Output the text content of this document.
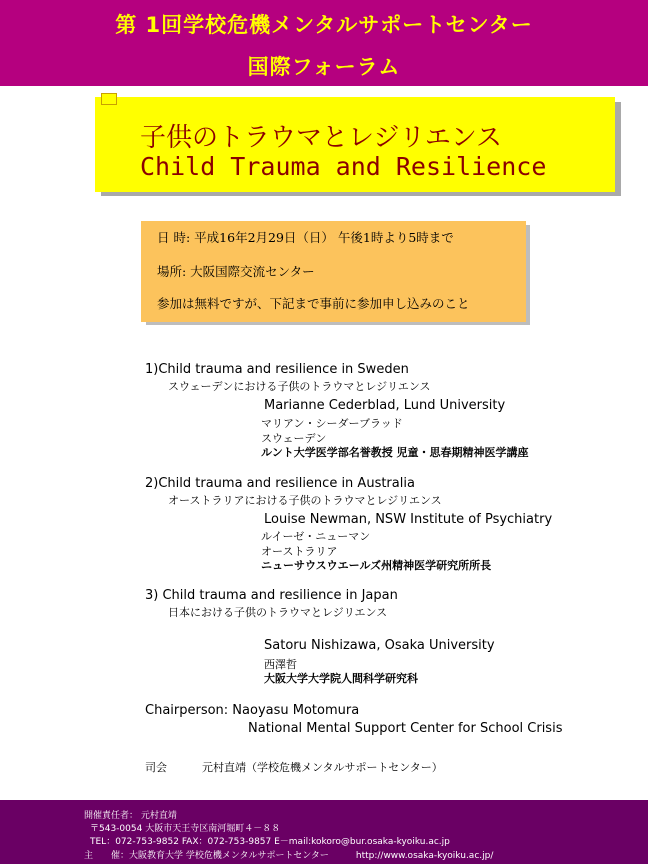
第 1回学校危機メンタルサポートセンター
国際フォーラム
子供のトラウマとレジリエンス
Child Trauma and Resilience
日 時: 平成16年2月29日（日） 午後1時より5時まで
場所: 大阪国際交流センター
参加は無料ですが、下記まで事前に参加申し込みのこと
1)Child trauma and resilience in Sweden
スウェーデンにおける子供のトラウマとレジリエンス
Marianne Cederblad, Lund University
マリアン・シーダーブラッド
スウェーデン
ルント大学医学部名誉教授 児童・思春期精神医学講座
2)Child trauma and resilience in Australia
オーストラリアにおける子供のトラウマとレジリエンス
Louise Newman, NSW Institute of Psychiatry
ルイーゼ・ニューマン
オーストラリア
ニューサウスウエールズ州精神医学研究所所長
3) Child trauma and resilience in Japan
日本における子供のトラウマとレジリエンス
Satoru Nishizawa, Osaka University
西澤哲
大阪大学大学院人間科学研究科
Chairperson: Naoyasu Motomura
National Mental Support Center for School Crisis
司会	元村直靖（学校危機メンタルサポートセンター）
開催責任者： 元村直靖
〒543-0054 大阪市天王寺区南河堀町４－８８
TEL：072-753-9852 FAX：072-753-9857 E－mail:kokoro@bur.osaka-kyoiku.ac.jp
主　　催：大阪教育大学 学校危機メンタルサポートセンター　　　http://www.osaka-kyoiku.ac.jp/
